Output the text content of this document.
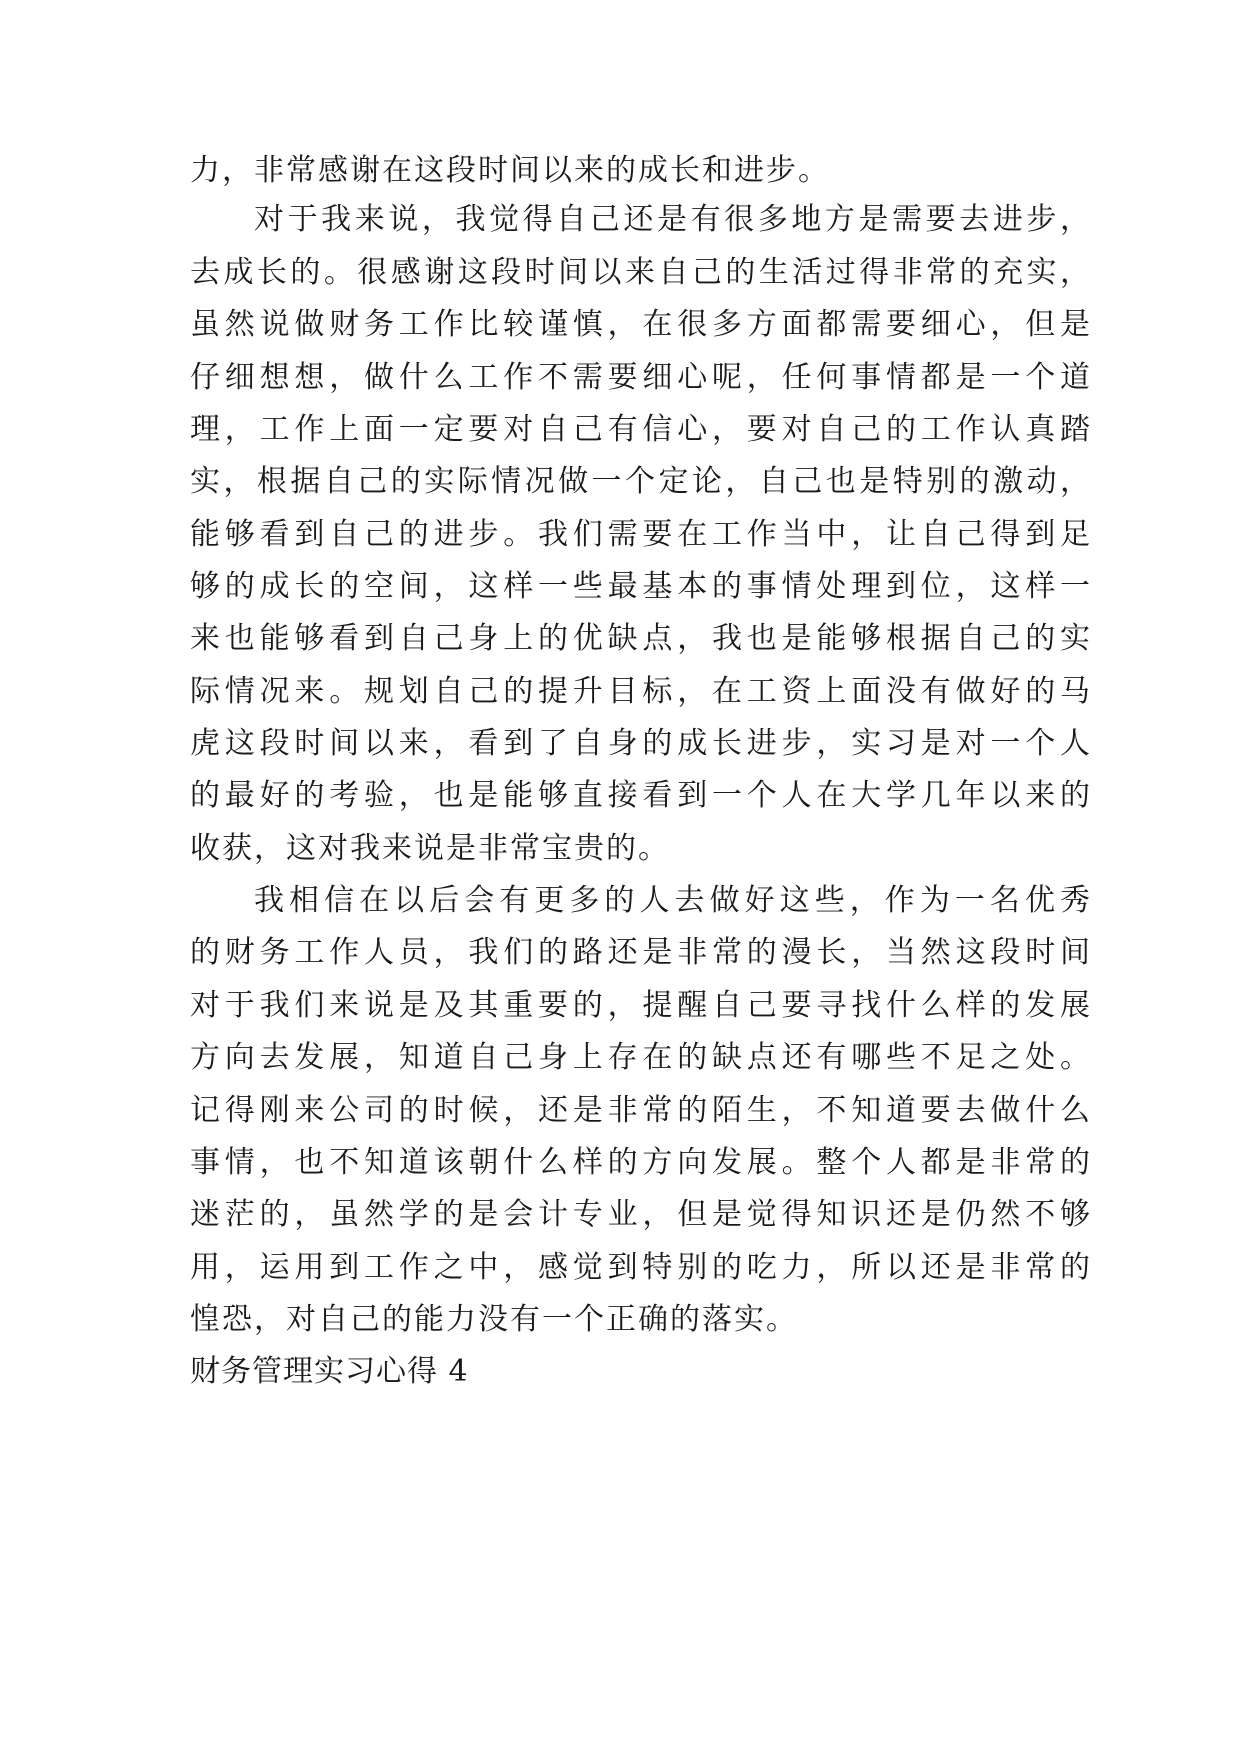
力，非常感谢在这段时间以来的成长和进步。
对于我来说，我觉得自己还是有很多地方是需要去进步，
去成长的。很感谢这段时间以来自己的生活过得非常的充实，
虽然说做财务工作比较谨慎，在很多方面都需要细心，但是
仔细想想，做什么工作不需要细心呢，任何事情都是一个道
理，工作上面一定要对自己有信心，要对自己的工作认真踏
实，根据自己的实际情况做一个定论，自己也是特别的激动，
能够看到自己的进步。我们需要在工作当中，让自己得到足
够的成长的空间，这样一些最基本的事情处理到位，这样一
来也能够看到自己身上的优缺点，我也是能够根据自己的实
际情况来。规划自己的提升目标，在工资上面没有做好的马
虎这段时间以来，看到了自身的成长进步，实习是对一个人
的最好的考验，也是能够直接看到一个人在大学几年以来的
收获，这对我来说是非常宝贵的。
我相信在以后会有更多的人去做好这些，作为一名优秀
的财务工作人员，我们的路还是非常的漫长，当然这段时间
对于我们来说是及其重要的，提醒自己要寻找什么样的发展
方向去发展，知道自己身上存在的缺点还有哪些不足之处。
记得刚来公司的时候，还是非常的陌生，不知道要去做什么
事情，也不知道该朝什么样的方向发展。整个人都是非常的
迷茫的，虽然学的是会计专业，但是觉得知识还是仍然不够
用，运用到工作之中，感觉到特别的吃力，所以还是非常的
惶恐，对自己的能力没有一个正确的落实。
财务管理实习心得 4
